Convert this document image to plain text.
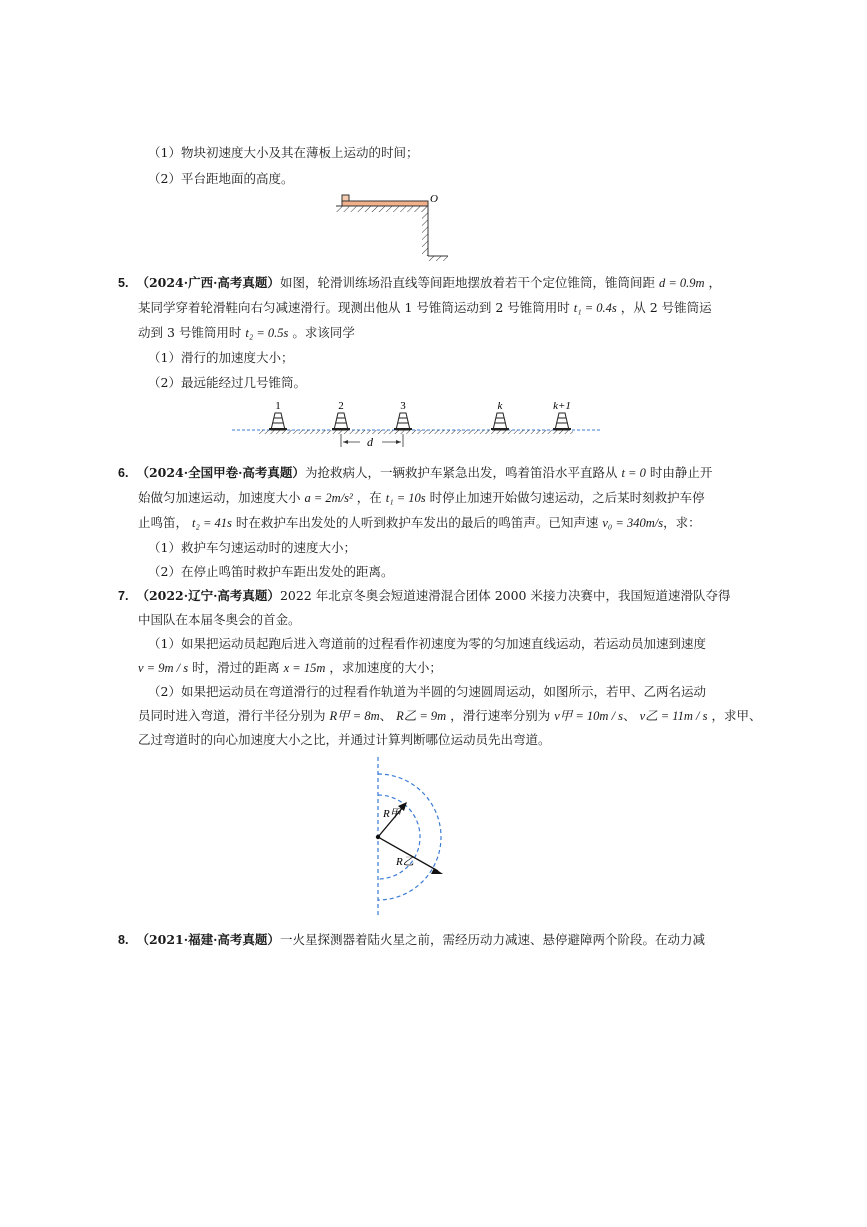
（1）物块初速度大小及其在薄板上运动的时间；
（2）平台距地面的高度。
O
5. （2024·广西·高考真题）如图，轮滑训练场沿直线等间距地摆放着若干个定位锥筒，锥筒间距 d = 0.9m ，
某同学穿着轮滑鞋向右匀减速滑行。现测出他从 1 号锥筒运动到 2 号锥筒用时 t₁ = 0.4s ，从 2 号锥筒运
动到 3 号锥筒用时 t₂ = 0.5s 。求该同学
（1）滑行的加速度大小；
（2）最远能经过几号锥筒。
1	2	3	k	k+1
d
6. （2024·全国甲卷·高考真题）为抢救病人，一辆救护车紧急出发，鸣着笛沿水平直路从 t = 0 时由静止开
始做匀加速运动，加速度大小 a = 2m/s² ，在 t₁ = 10s 时停止加速开始做匀速运动，之后某时刻救护车停
止鸣笛， t₂ = 41s 时在救护车出发处的人听到救护车发出的最后的鸣笛声。已知声速 v₀ = 340m/s，求：
（1）救护车匀速运动时的速度大小；
（2）在停止鸣笛时救护车距出发处的距离。
7. （2022·辽宁·高考真题）2022 年北京冬奥会短道速滑混合团体 2000 米接力决赛中，我国短道速滑队夺得
中国队在本届冬奥会的首金。
（1）如果把运动员起跑后进入弯道前的过程看作初速度为零的匀加速直线运动，若运动员加速到速度
v = 9m / s 时，滑过的距离 x = 15m ，求加速度的大小；
（2）如果把运动员在弯道滑行的过程看作轨道为半圆的匀速圆周运动，如图所示，若甲、乙两名运动
员同时进入弯道，滑行半径分别为 R甲 = 8m、 R乙 = 9m ，滑行速率分别为 v甲 = 10m / s、 v乙 = 11m / s ，求甲、
乙过弯道时的向心加速度大小之比，并通过计算判断哪位运动员先出弯道。
R甲
R乙
8. （2021·福建·高考真题）一火星探测器着陆火星之前，需经历动力减速、悬停避障两个阶段。在动力减
